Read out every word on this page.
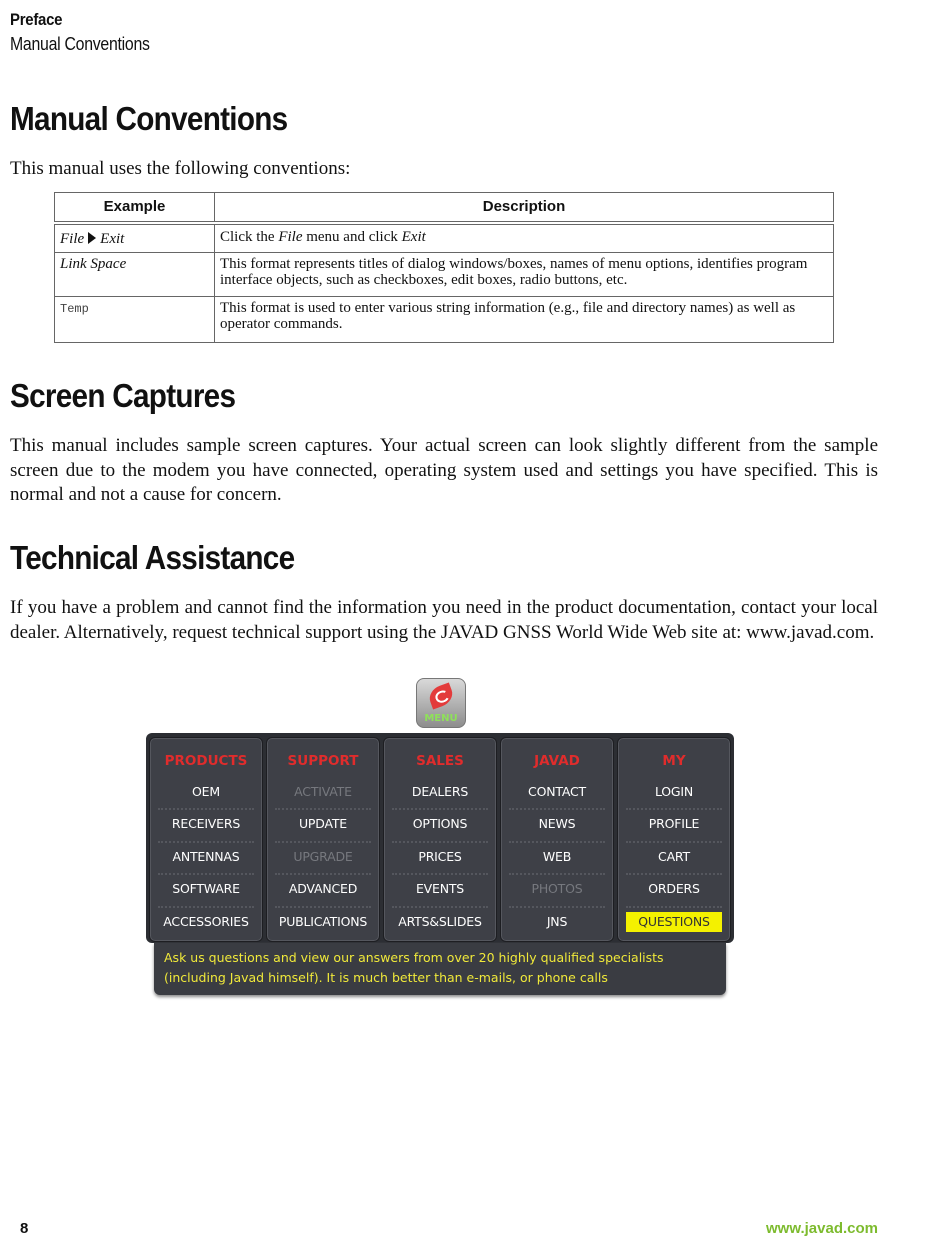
Preface
Manual Conventions
Manual Conventions
This manual uses the following conventions:
Example	Description
File Exit	Click the File menu and click Exit
Link Space	This format represents titles of dialog windows/boxes, names of menu options, identifies program interface objects, such as checkboxes, edit boxes, radio buttons, etc.
Temp	This format is used to enter various string information (e.g., file and directory names) as well as operator commands.
Screen Captures
This manual includes sample screen captures. Your actual screen can look slightly different from the sample screen due to the modem you have connected, operating system used and settings you have specified. This is normal and not a cause for concern.
Technical Assistance
If you have a problem and cannot find the information you need in the product documentation, contact your local dealer. Alternatively, request technical support using the JAVAD GNSS World Wide Web site at: www.javad.com.
MENU
PRODUCTS
OEM
RECEIVERS
ANTENNAS
SOFTWARE
ACCESSORIES
SUPPORT
ACTIVATE
UPDATE
UPGRADE
ADVANCED
PUBLICATIONS
SALES
DEALERS
OPTIONS
PRICES
EVENTS
ARTS&SLIDES
JAVAD
CONTACT
NEWS
WEB
PHOTOS
JNS
MY
LOGIN
PROFILE
CART
ORDERS
QUESTIONS
Ask us questions and view our answers from over 20 highly qualified specialists
(including Javad himself). It is much better than e-mails, or phone calls
8	www.javad.com
